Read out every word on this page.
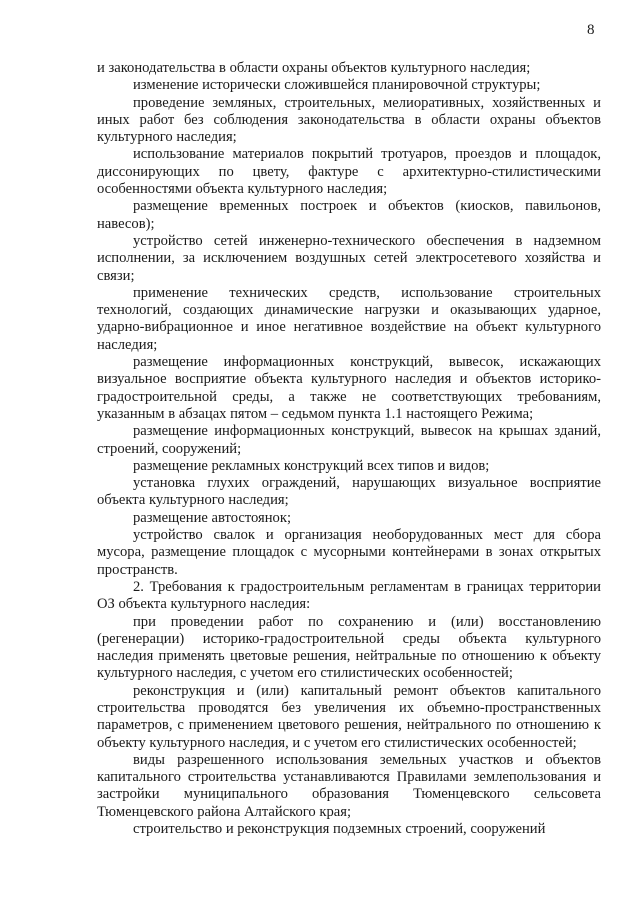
8

и законодательства в области охраны объектов культурного наследия;

изменение исторически сложившейся планировочной структуры;

проведение земляных, строительных, мелиоративных, хозяйственных и иных работ без соблюдения законодательства в области охраны объектов культурного наследия;

использование материалов покрытий тротуаров, проездов и площадок, диссонирующих по цвету, фактуре с архитектурно-стилистическими особенностями объекта культурного наследия;

размещение временных построек и объектов (киосков, павильонов, навесов);

устройство сетей инженерно-технического обеспечения в надземном исполнении, за исключением воздушных сетей электросетевого хозяйства и связи;

применение технических средств, использование строительных технологий, создающих динамические нагрузки и оказывающих ударное, ударно-вибрационное и иное негативное воздействие на объект культурного наследия;

размещение информационных конструкций, вывесок, искажающих визуальное восприятие объекта культурного наследия и объектов историко-градостроительной среды, а также не соответствующих требованиям, указанным в абзацах пятом – седьмом пункта 1.1 настоящего Режима;

размещение информационных конструкций, вывесок на крышах зданий, строений, сооружений;

размещение рекламных конструкций всех типов и видов;

установка глухих ограждений, нарушающих визуальное восприятие объекта культурного наследия;

размещение автостоянок;

устройство свалок и организация необорудованных мест для сбора мусора, размещение площадок с мусорными контейнерами в зонах открытых пространств.

2. Требования к градостроительным регламентам в границах территории ОЗ объекта культурного наследия:

при проведении работ по сохранению и (или) восстановлению (регенерации) историко-градостроительной среды объекта культурного наследия применять цветовые решения, нейтральные по отношению к объекту культурного наследия, с учетом его стилистических особенностей;

реконструкция и (или) капитальный ремонт объектов капитального строительства проводятся без увеличения их объемно-пространственных параметров, с применением цветового решения, нейтрального по отношению к объекту культурного наследия, и с учетом его стилистических особенностей;

виды разрешенного использования земельных участков и объектов капитального строительства устанавливаются Правилами землепользования и застройки муниципального образования Тюменцевского сельсовета Тюменцевского района Алтайского края;

строительство и реконструкция подземных строений, сооружений
